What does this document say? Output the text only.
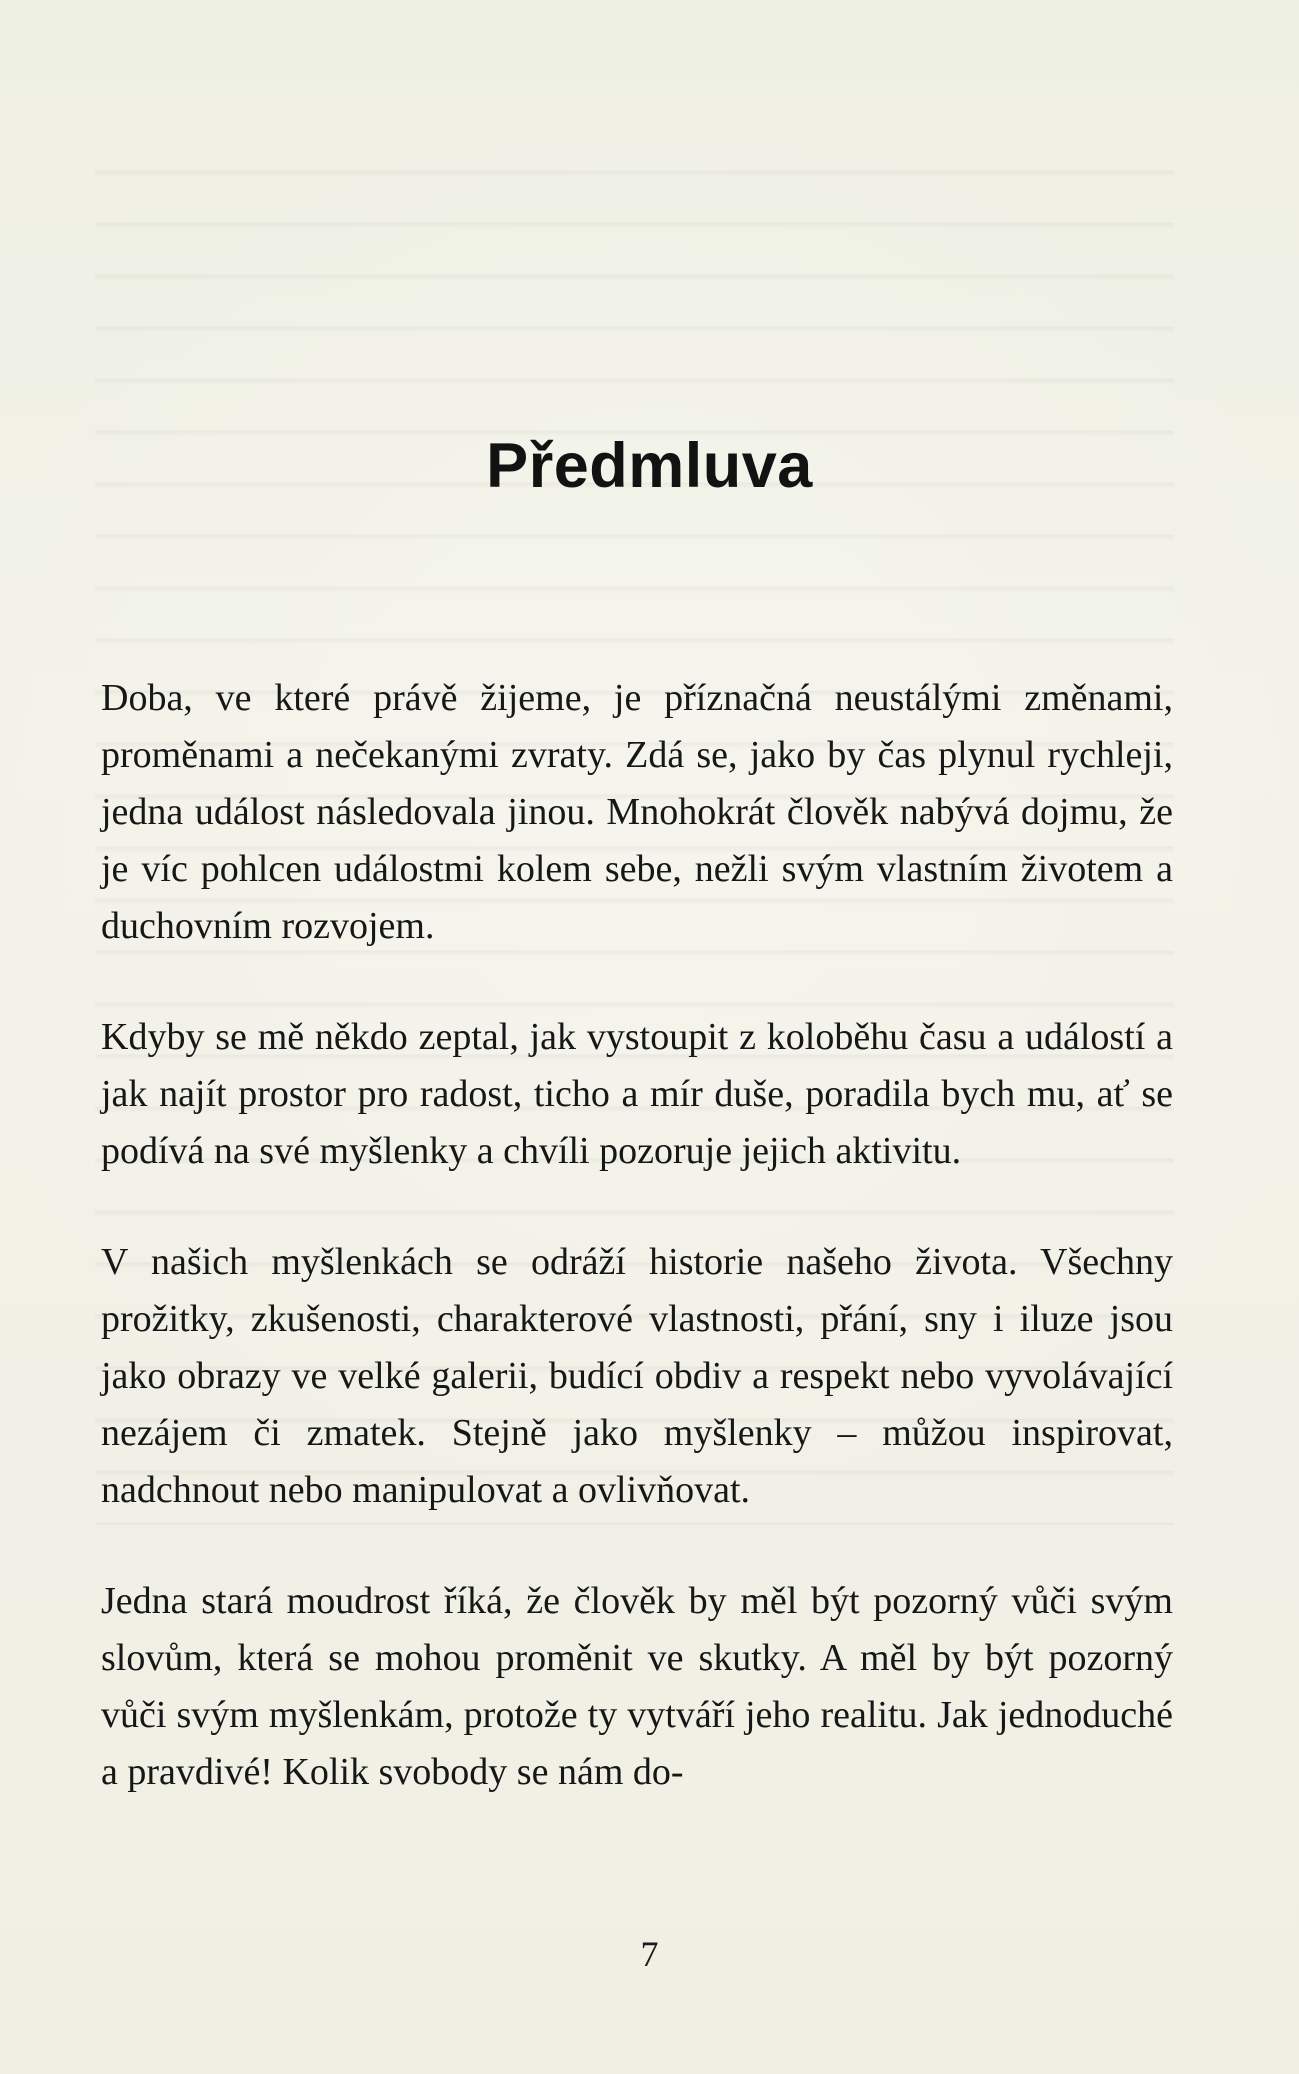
Předmluva

Doba, ve které právě žijeme, je příznačná neustálými změnami, proměnami a nečekanými zvraty. Zdá se, jako by čas plynul rychleji, jedna událost následovala jinou. Mnohokrát člověk nabývá dojmu, že je víc pohlcen událostmi kolem sebe, nežli svým vlastním životem a duchovním rozvojem.

Kdyby se mě někdo zeptal, jak vystoupit z koloběhu času a událostí a jak najít prostor pro radost, ticho a mír duše, poradila bych mu, ať se podívá na své myšlenky a chvíli pozoruje jejich aktivitu.

V našich myšlenkách se odráží historie našeho života. Všechny prožitky, zkušenosti, charakterové vlastnosti, přání, sny i iluze jsou jako obrazy ve velké galerii, budící obdiv a respekt nebo vyvolávající nezájem či zmatek. Stejně jako myšlenky – můžou inspirovat, nadchnout nebo manipulovat a ovlivňovat.

Jedna stará moudrost říká, že člověk by měl být pozorný vůči svým slovům, která se mohou proměnit ve skutky. A měl by být pozorný vůči svým myšlenkám, protože ty vytváří jeho realitu. Jak jednoduché a pravdivé! Kolik svobody se nám do-

7
